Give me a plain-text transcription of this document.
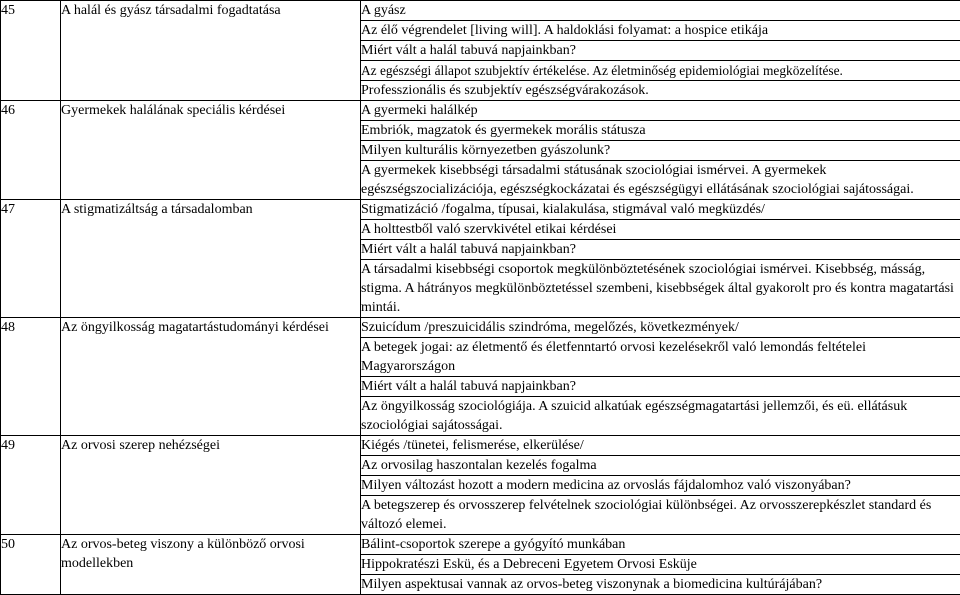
45	A halál és gyász társadalmi fogadtatása	A gyász
Az élő végrendelet [living will]. A haldoklási folyamat: a hospice etikája
Miért vált a halál tabuvá napjainkban?
Az egészségi állapot szubjektív értékelése. Az életminőség epidemiológiai megközelítése.
Professzionális és szubjektív egészségvárakozások.

46	Gyermekek halálának speciális kérdései	A gyermeki halálkép
Embriók, magzatok és gyermekek morális státusza
Milyen kulturális környezetben gyászolunk?
A gyermekek kisebbségi társadalmi státusának szociológiai ismérvei. A gyermekek egészségszocializációja, egészségkockázatai és egészségügyi ellátásának szociológiai sajátosságai.

47	A stigmatizáltság a társadalomban	Stigmatizáció /fogalma, típusai, kialakulása, stigmával való megküzdés/
A holttestből való szervkivétel etikai kérdései
Miért vált a halál tabuvá napjainkban?
A társadalmi kisebbségi csoportok megkülönböztetésének szociológiai ismérvei. Kisebbség, másság, stigma. A hátrányos megkülönböztetéssel szembeni, kisebbségek által gyakorolt pro és kontra magatartási mintái.

48	Az öngyilkosság magatartástudományi kérdései	Szuicídum /preszuicidális szindróma, megelőzés, következmények/
A betegek jogai: az életmentő és életfenntartó orvosi kezelésekről való lemondás feltételei Magyarországon
Miért vált a halál tabuvá napjainkban?
Az öngyilkosság szociológiája. A szuicid alkatúak egészségmagatartási jellemzői, és eü. ellátásuk szociológiai sajátosságai.

49	Az orvosi szerep nehézségei	Kiégés /tünetei, felismerése, elkerülése/
Az orvosilag haszontalan kezelés fogalma
Milyen változást hozott a modern medicina az orvoslás fájdalomhoz való viszonyában?
A betegszerep és orvosszerep felvételnek szociológiai különbségei. Az orvosszerepkészlet standard és változó elemei.

50	Az orvos-beteg viszony a különböző orvosi modellekben	Bálint-csoportok szerepe a gyógyító munkában
Hippokratészi Eskü, és a Debreceni Egyetem Orvosi Esküje
Milyen aspektusai vannak az orvos-beteg viszonynak a biomedicina kultúrájában?
